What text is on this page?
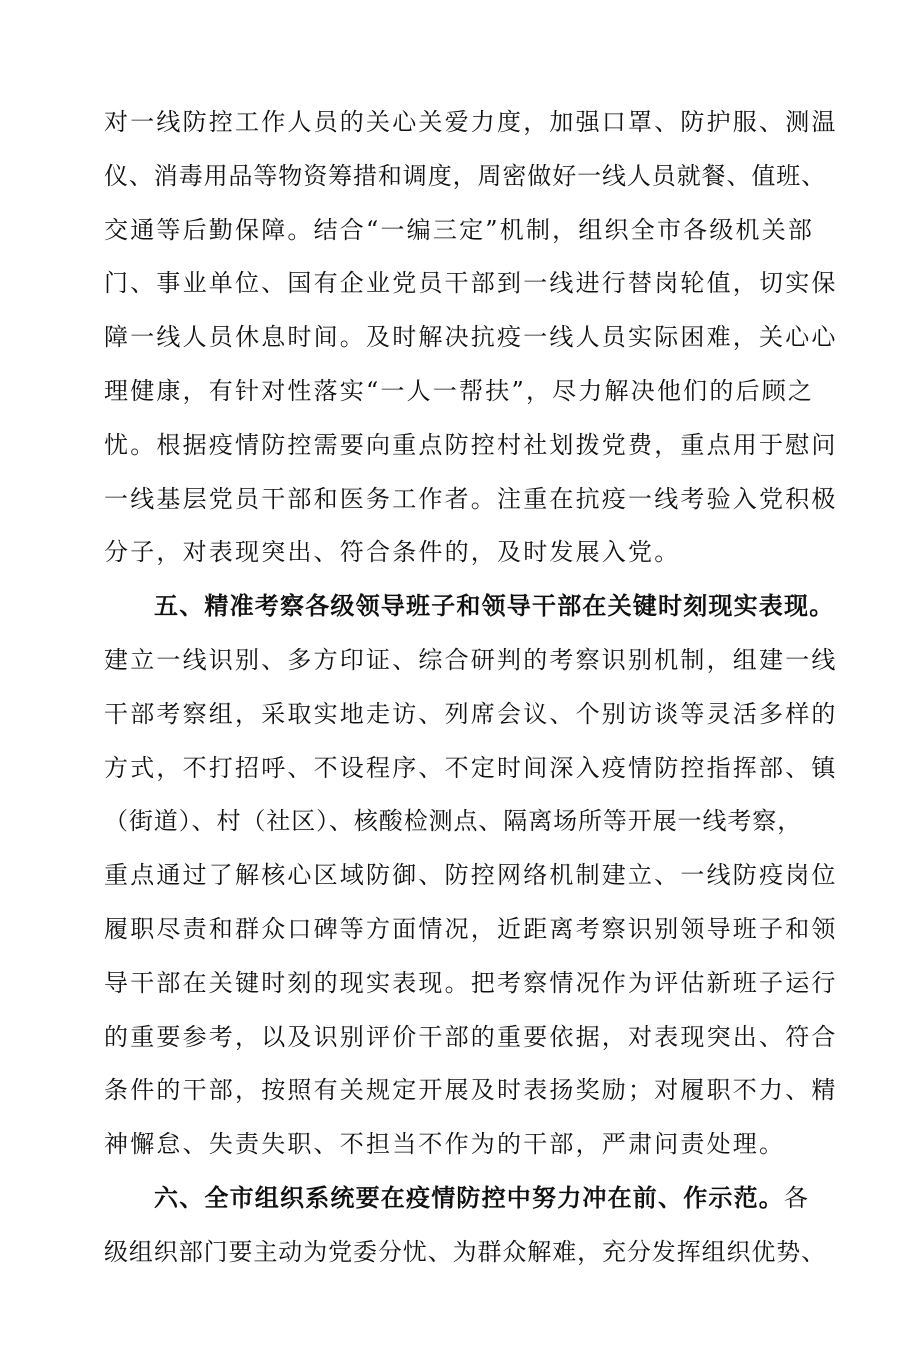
对一线防控工作人员的关心关爱力度，加强口罩、防护服、测温
仪、消毒用品等物资筹措和调度，周密做好一线人员就餐、值班、
交通等后勤保障。结合“一编三定”机制，组织全市各级机关部
门、事业单位、国有企业党员干部到一线进行替岗轮值，切实保
障一线人员休息时间。及时解决抗疫一线人员实际困难，关心心
理健康，有针对性落实“一人一帮扶”，尽力解决他们的后顾之
忧。根据疫情防控需要向重点防控村社划拨党费，重点用于慰问
一线基层党员干部和医务工作者。注重在抗疫一线考验入党积极
分子，对表现突出、符合条件的，及时发展入党。
五、精准考察各级领导班子和领导干部在关键时刻现实表现。
建立一线识别、多方印证、综合研判的考察识别机制，组建一线
干部考察组，采取实地走访、列席会议、个别访谈等灵活多样的
方式，不打招呼、不设程序、不定时间深入疫情防控指挥部、镇
（街道）、村（社区）、核酸检测点、隔离场所等开展一线考察，
重点通过了解核心区域防御、防控网络机制建立、一线防疫岗位
履职尽责和群众口碑等方面情况，近距离考察识别领导班子和领
导干部在关键时刻的现实表现。把考察情况作为评估新班子运行
的重要参考，以及识别评价干部的重要依据，对表现突出、符合
条件的干部，按照有关规定开展及时表扬奖励；对履职不力、精
神懈怠、失责失职、不担当不作为的干部，严肃问责处理。
六、全市组织系统要在疫情防控中努力冲在前、作示范。各
级组织部门要主动为党委分忧、为群众解难，充分发挥组织优势、
